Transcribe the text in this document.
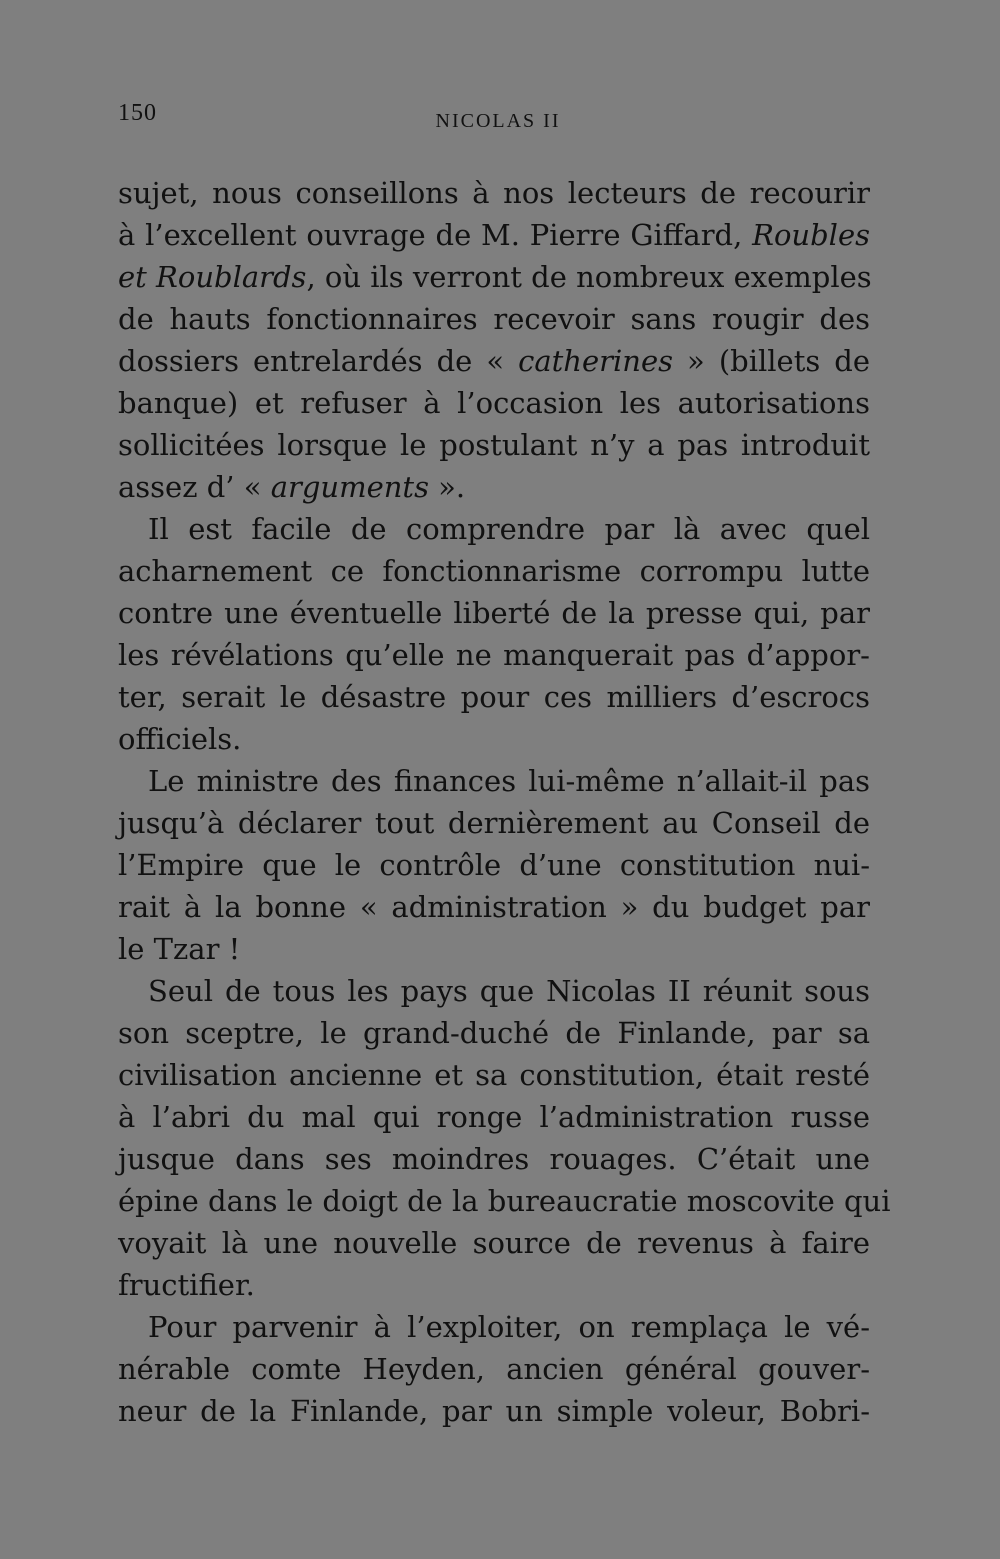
150	NICOLAS II
sujet, nous conseillons à nos lecteurs de recourir
à l’excellent ouvrage de M. Pierre Giffard, Roubles
et Roublards, où ils verront de nombreux exemples
de hauts fonctionnaires recevoir sans rougir des
dossiers entrelardés de « catherines » (billets de
banque) et refuser à l’occasion les autorisations
sollicitées lorsque le postulant n’y a pas introduit
assez d’ « arguments ».
Il est facile de comprendre par là avec quel
acharnement ce fonctionnarisme corrompu lutte
contre une éventuelle liberté de la presse qui, par
les révélations qu’elle ne manquerait pas d’appor-
ter, serait le désastre pour ces milliers d’escrocs
officiels.
Le ministre des finances lui-même n’allait-il pas
jusqu’à déclarer tout dernièrement au Conseil de
l’Empire que le contrôle d’une constitution nui-
rait à la bonne « administration » du budget par
le Tzar !
Seul de tous les pays que Nicolas II réunit sous
son sceptre, le grand-duché de Finlande, par sa
civilisation ancienne et sa constitution, était resté
à l’abri du mal qui ronge l’administration russe
jusque dans ses moindres rouages. C’était une
épine dans le doigt de la bureaucratie moscovite qui
voyait là une nouvelle source de revenus à faire
fructifier.
Pour parvenir à l’exploiter, on remplaça le vé-
nérable comte Heyden, ancien général gouver-
neur de la Finlande, par un simple voleur, Bobri-
